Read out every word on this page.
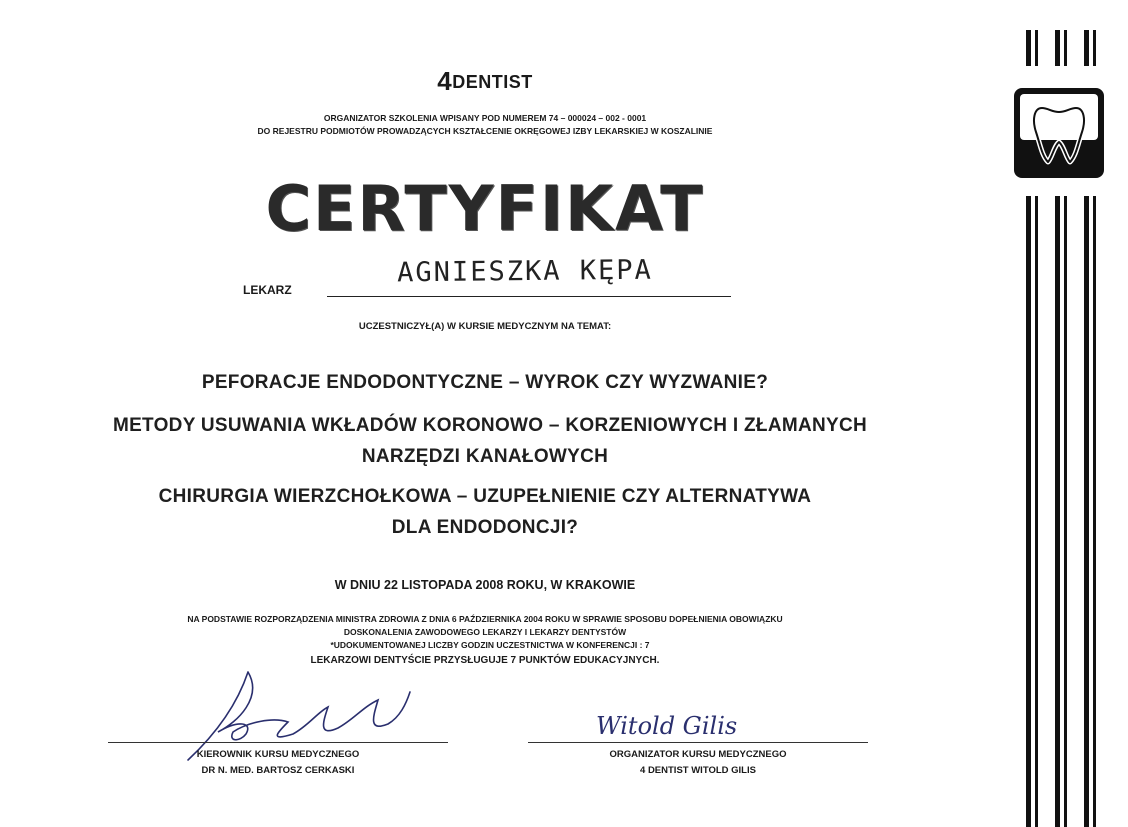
4DENTIST
ORGANIZATOR SZKOLENIA WPISANY POD NUMEREM 74 – 000024 – 002 - 0001
DO REJESTRU PODMIOTÓW PROWADZĄCYCH KSZTAŁCENIE OKRĘGOWEJ IZBY LEKARSKIEJ W KOSZALINIE
CERTYFIKAT
LEKARZ
AGNIESZKA KĘPA
UCZESTNICZYŁ(A) W KURSIE MEDYCZNYM NA TEMAT:
PEFORACJE ENDODONTYCZNE – WYROK CZY WYZWANIE?
METODY USUWANIA WKŁADÓW KORONOWO – KORZENIOWYCH I ZŁAMANYCH
NARZĘDZI KANAŁOWYCH
CHIRURGIA WIERZCHOŁKOWA – UZUPEŁNIENIE CZY ALTERNATYWA
DLA ENDODONCJI?
W DNIU 22 LISTOPADA 2008 ROKU, W KRAKOWIE
NA PODSTAWIE ROZPORZĄDZENIA MINISTRA ZDROWIA Z DNIA 6 PAŹDZIERNIKA 2004 ROKU W SPRAWIE SPOSOBU DOPEŁNIENIA OBOWIĄZKU
DOSKONALENIA ZAWODOWEGO LEKARZY I LEKARZY DENTYSTÓW
*UDOKUMENTOWANEJ LICZBY GODZIN UCZESTNICTWA W KONFERENCJI : 7
LEKARZOWI DENTYŚCIE PRZYSŁUGUJE 7 PUNKTÓW EDUKACYJNYCH.
Witold Gilis
KIEROWNIK KURSU MEDYCZNEGO
DR N. MED. BARTOSZ CERKASKI
ORGANIZATOR KURSU MEDYCZNEGO
4 DENTIST WITOLD GILIS
